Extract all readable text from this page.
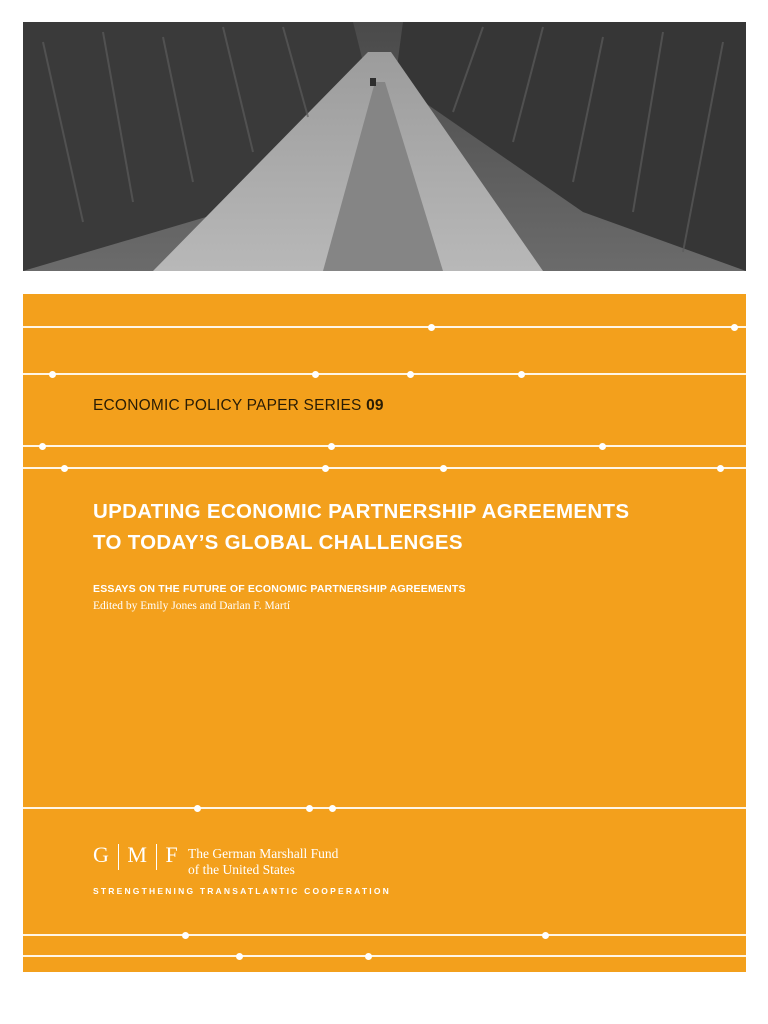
ECONOMIC POLICY PAPER SERIES 09
UPDATING ECONOMIC PARTNERSHIP AGREEMENTS
TO TODAY’S GLOBAL CHALLENGES
ESSAYS ON THE FUTURE OF ECONOMIC PARTNERSHIP AGREEMENTS
Edited by Emily Jones and Darlan F. Martí
G M F The German Marshall Fund
of the United States
STRENGTHENING TRANSATLANTIC COOPERATION
